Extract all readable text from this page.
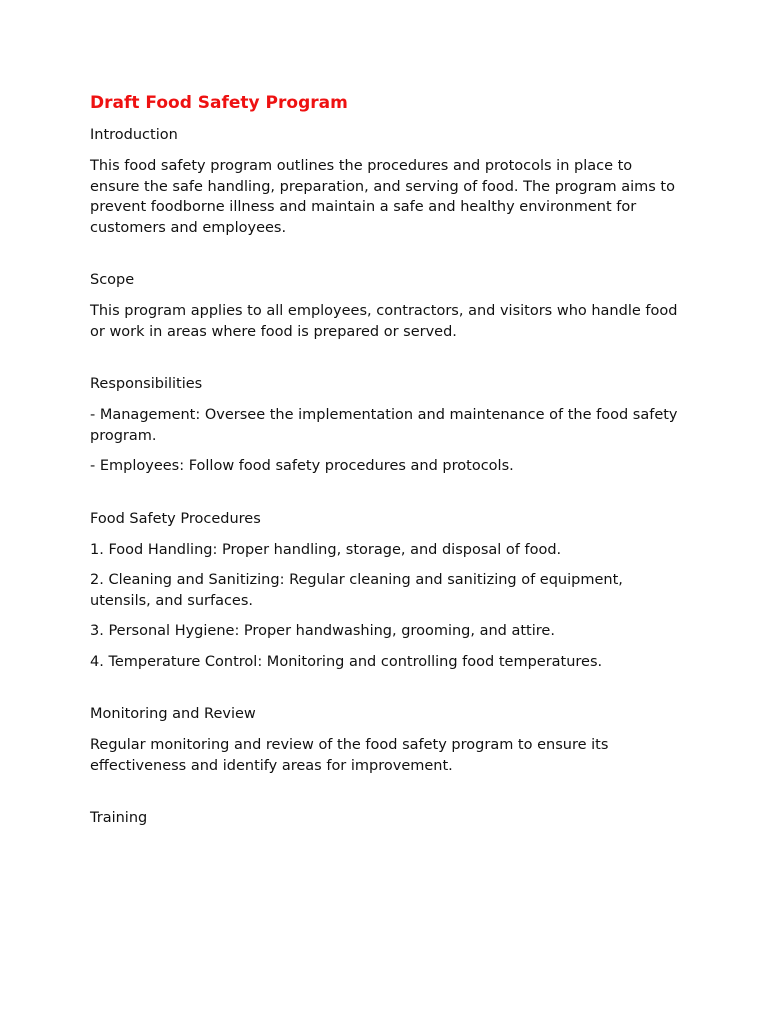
Draft Food Safety Program
Introduction

This food safety program outlines the procedures and protocols in place to ensure the safe handling, preparation, and serving of food. The program aims to prevent foodborne illness and maintain a safe and healthy environment for customers and employees.

Scope

This program applies to all employees, contractors, and visitors who handle food or work in areas where food is prepared or served.

Responsibilities

- Management: Oversee the implementation and maintenance of the food safety program.

- Employees: Follow food safety procedures and protocols.

Food Safety Procedures

1. Food Handling: Proper handling, storage, and disposal of food.

2. Cleaning and Sanitizing: Regular cleaning and sanitizing of equipment, utensils, and surfaces.

3. Personal Hygiene: Proper handwashing, grooming, and attire.

4. Temperature Control: Monitoring and controlling food temperatures.

Monitoring and Review

Regular monitoring and review of the food safety program to ensure its effectiveness and identify areas for improvement.

Training
